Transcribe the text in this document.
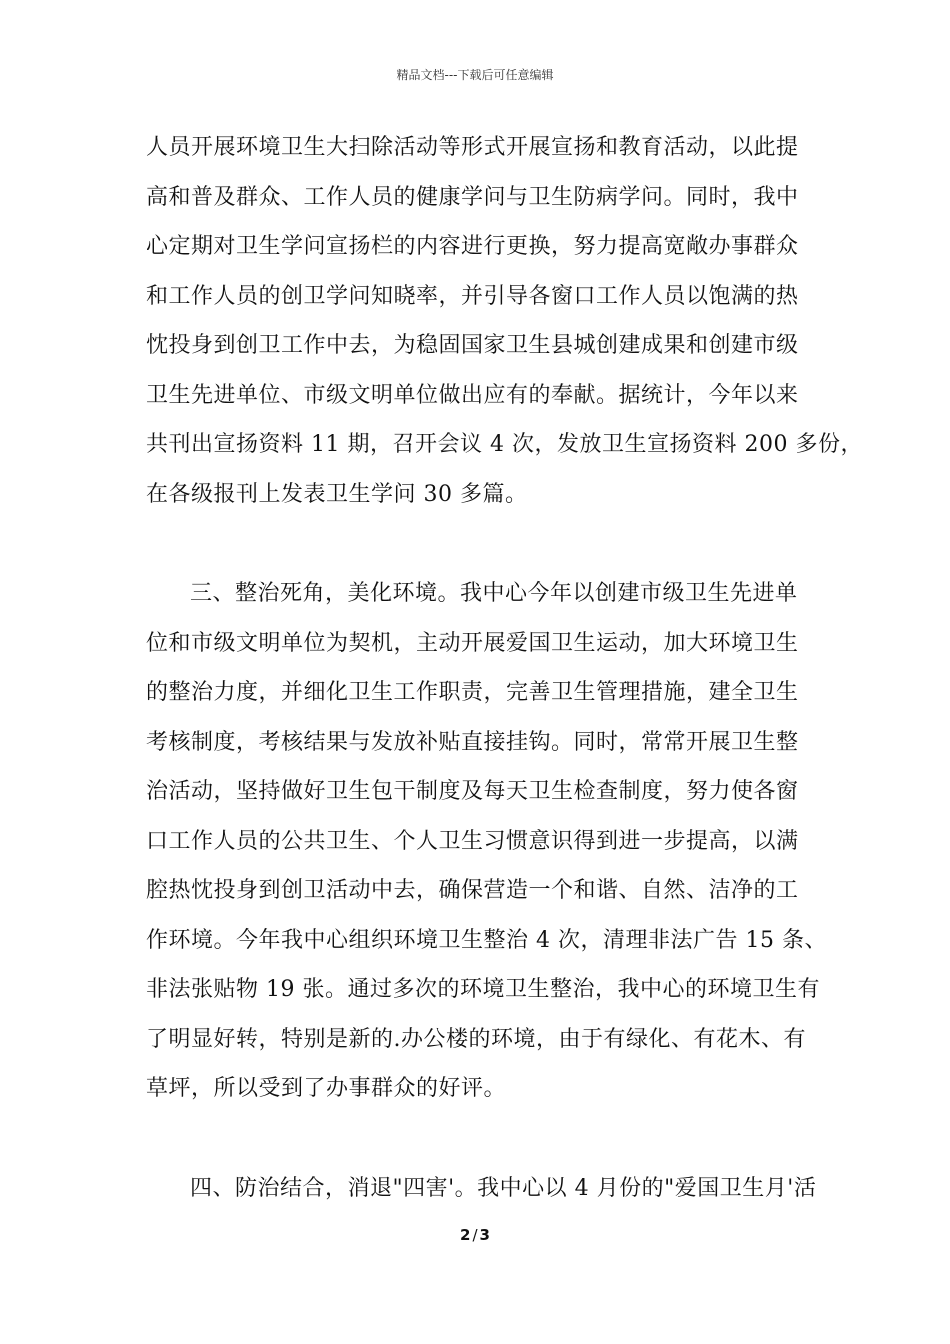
精品文档---下载后可任意编辑
人员开展环境卫生大扫除活动等形式开展宣扬和教育活动，以此提
高和普及群众、工作人员的健康学问与卫生防病学问。同时，我中
心定期对卫生学问宣扬栏的内容进行更换，努力提高宽敞办事群众
和工作人员的创卫学问知晓率，并引导各窗口工作人员以饱满的热
忱投身到创卫工作中去，为稳固国家卫生县城创建成果和创建市级
卫生先进单位、市级文明单位做出应有的奉献。据统计，今年以来
共刊出宣扬资料 11 期，召开会议 4 次，发放卫生宣扬资料 200 多份，
在各级报刊上发表卫生学问 30 多篇。
三、整治死角，美化环境。我中心今年以创建市级卫生先进单
位和市级文明单位为契机，主动开展爱国卫生运动，加大环境卫生
的整治力度，并细化卫生工作职责，完善卫生管理措施，建全卫生
考核制度，考核结果与发放补贴直接挂钩。同时，常常开展卫生整
治活动，坚持做好卫生包干制度及每天卫生检查制度，努力使各窗
口工作人员的公共卫生、个人卫生习惯意识得到进一步提高，以满
腔热忱投身到创卫活动中去，确保营造一个和谐、自然、洁净的工
作环境。今年我中心组织环境卫生整治 4 次，清理非法广告 15 条、
非法张贴物 19 张。通过多次的环境卫生整治，我中心的环境卫生有
了明显好转，特别是新的.办公楼的环境，由于有绿化、有花木、有
草坪，所以受到了办事群众的好评。
四、防治结合，消退"四害'。我中心以 4 月份的"爱国卫生月'活
2 / 3
